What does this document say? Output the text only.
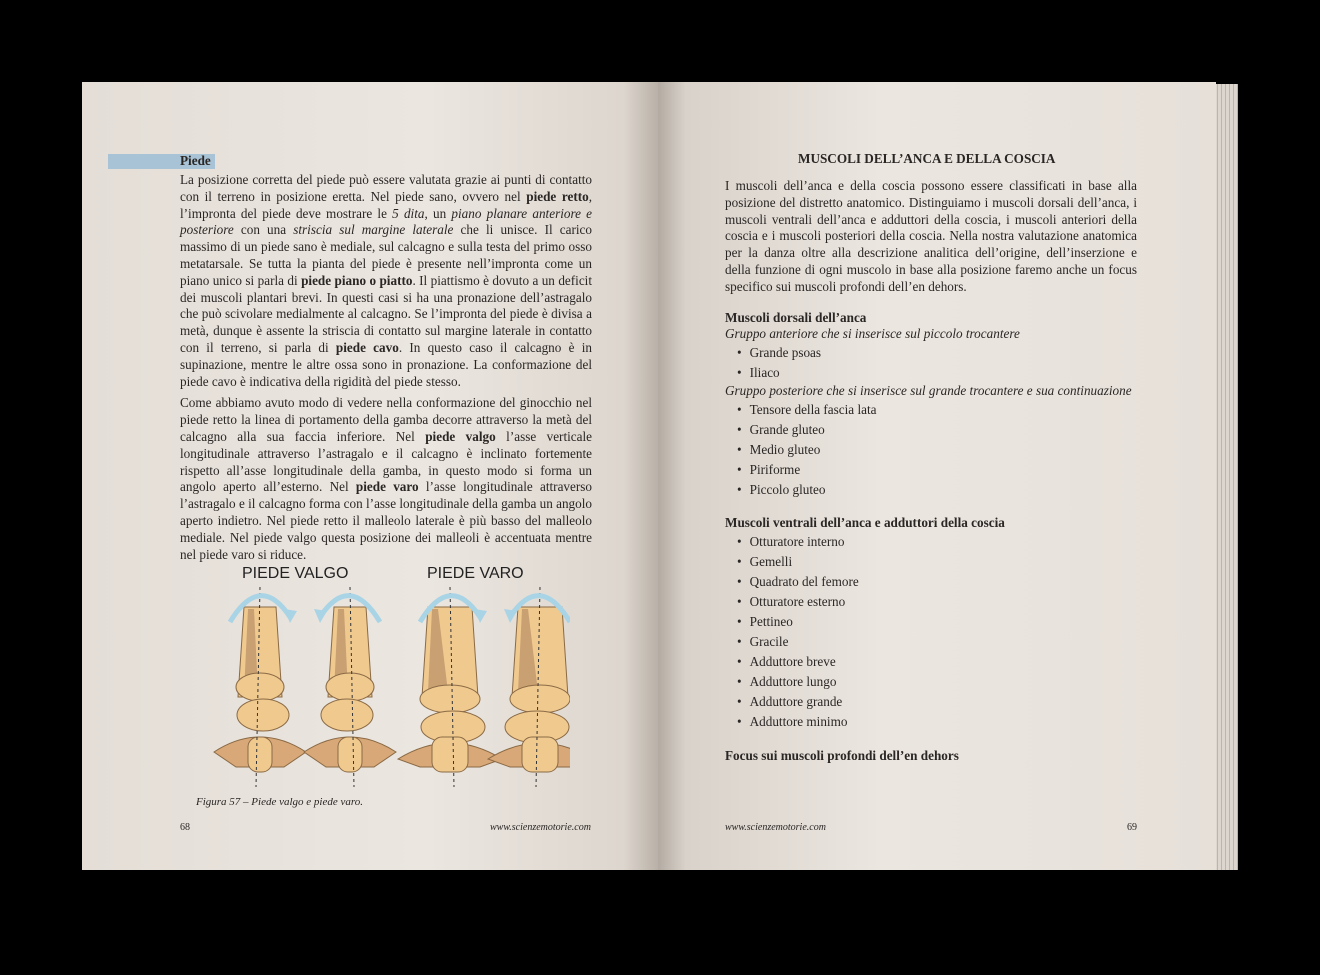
Piede

La posizione corretta del piede può essere valutata grazie ai punti di contatto con il terreno in posizione eretta. Nel piede sano, ovvero nel piede retto, l’impronta del piede deve mostrare le 5 dita, un piano planare anteriore e posteriore con una striscia sul margine laterale che li unisce. Il carico massimo di un piede sano è mediale, sul calcagno e sulla testa del primo osso metatarsale. Se tutta la pianta del piede è presente nell’impronta come un piano unico si parla di piede piano o piatto. Il piattismo è dovuto a un deficit dei muscoli plantari brevi. In questi casi si ha una pronazione dell’astragalo che può scivolare medialmente al calcagno. Se l’impronta del piede è divisa a metà, dunque è assente la striscia di contatto sul margine laterale in contatto con il terreno, si parla di piede cavo. In questo caso il calcagno è in supinazione, mentre le altre ossa sono in pronazione. La conformazione del piede cavo è indicativa della rigidità del piede stesso.

Come abbiamo avuto modo di vedere nella conformazione del ginocchio nel piede retto la linea di portamento della gamba decorre attraverso la metà del calcagno alla sua faccia inferiore. Nel piede valgo l’asse verticale longitudinale attraverso l’astragalo e il calcagno è inclinato fortemente rispetto all’asse longitudinale della gamba, in questo modo si forma un angolo aperto all’esterno. Nel piede varo l’asse longitudinale attraverso l’astragalo e il calcagno forma con l’asse longitudinale della gamba un angolo aperto indietro. Nel piede retto il malleolo laterale è più basso del malleolo mediale. Nel piede valgo questa posizione dei malleoli è accentuata mentre nel piede varo si riduce.

PIEDE VALGO	PIEDE VARO
Figura 57 – Piede valgo e piede varo.
68	www.scienzemotorie.com
MUSCOLI DELL’ANCA E DELLA COSCIA

I muscoli dell’anca e della coscia possono essere classificati in base alla posizione del distretto anatomico. Distinguiamo i muscoli dorsali dell’anca, i muscoli ventrali dell’anca e adduttori della coscia, i muscoli anteriori della coscia e i muscoli posteriori della coscia. Nella nostra valutazione anatomica per la danza oltre alla descrizione analitica dell’origine, dell’inserzione e della funzione di ogni muscolo in base alla posizione faremo anche un focus specifico sui muscoli profondi dell’en dehors.

Muscoli dorsali dell’anca
Gruppo anteriore che si inserisce sul piccolo trocantere
• Grande psoas
• Iliaco
Gruppo posteriore che si inserisce sul grande trocantere e sua continuazione
• Tensore della fascia lata
• Grande gluteo
• Medio gluteo
• Piriforme
• Piccolo gluteo
Muscoli ventrali dell’anca e adduttori della coscia
• Otturatore interno
• Gemelli
• Quadrato del femore
• Otturatore esterno
• Pettineo
• Gracile
• Adduttore breve
• Adduttore lungo
• Adduttore grande
• Adduttore minimo
Focus sui muscoli profondi dell’en dehors
www.scienzemotorie.com	69
